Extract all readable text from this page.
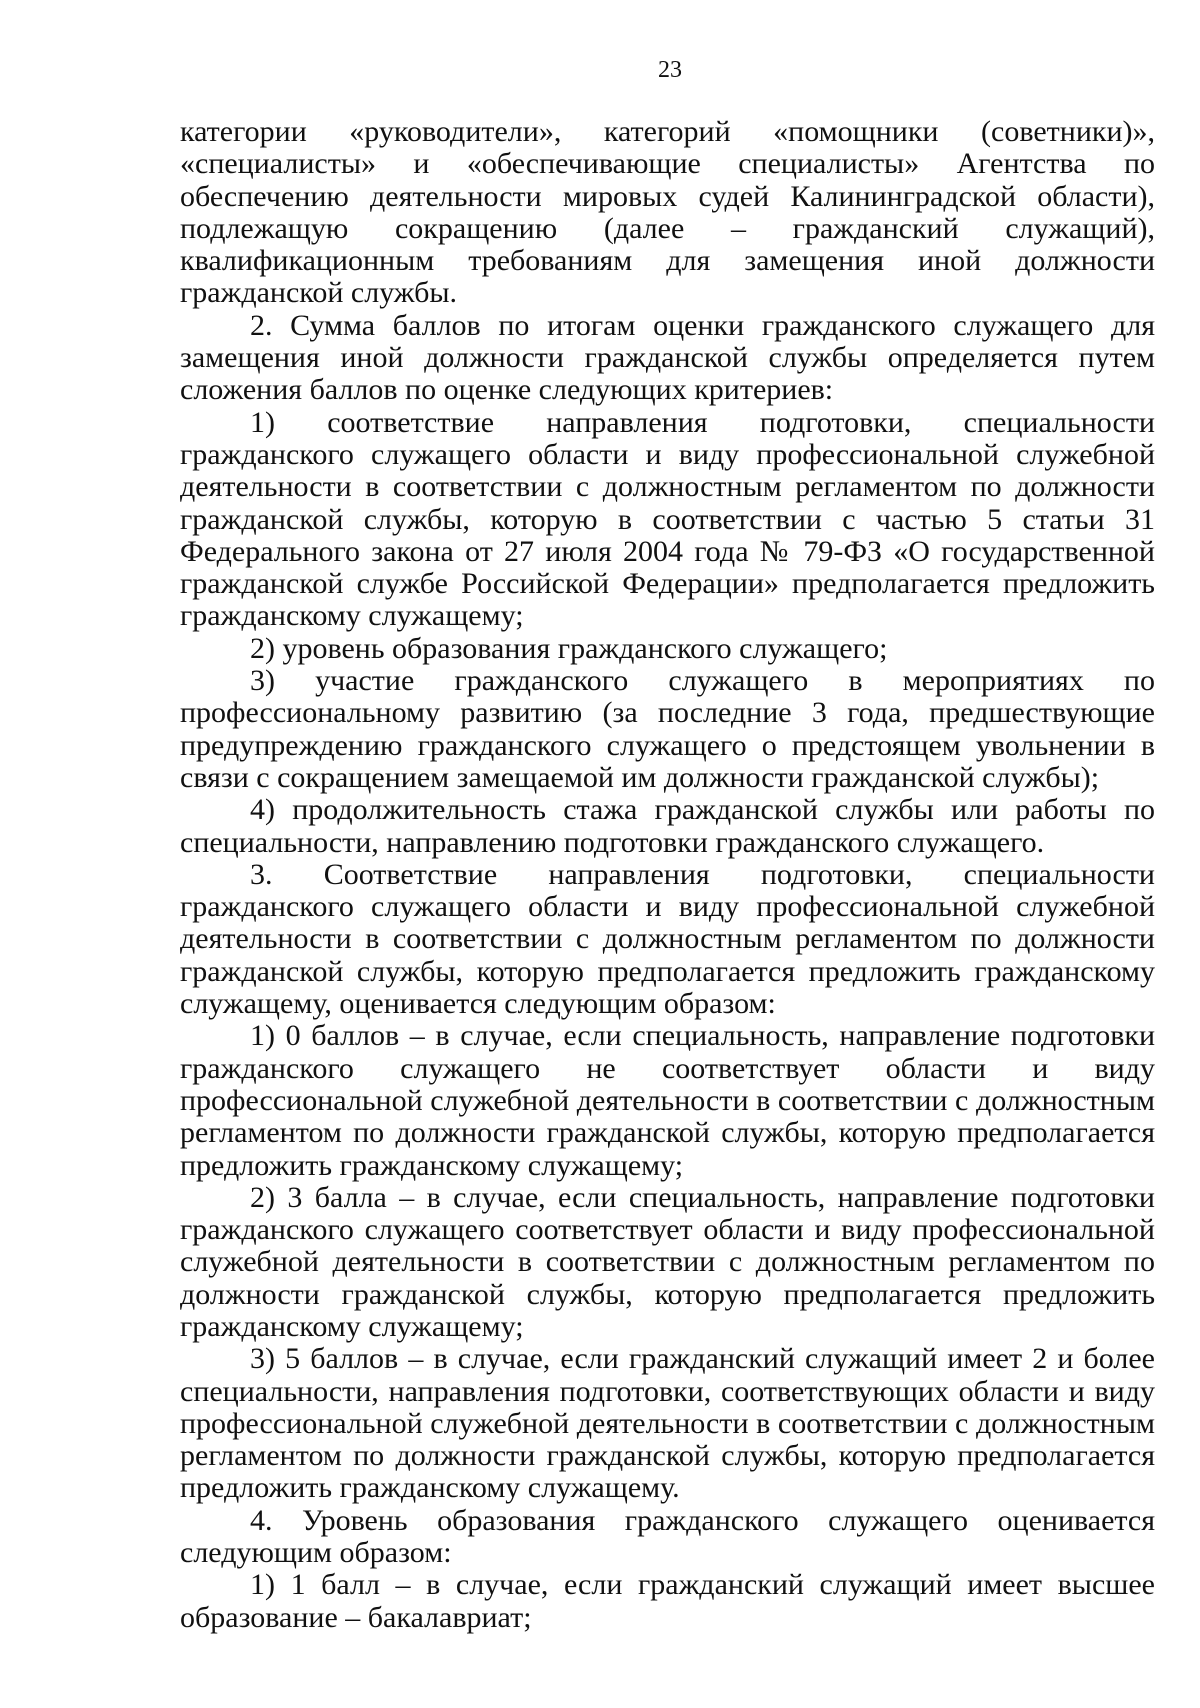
23

категории «руководители», категорий «помощники (советники)», «специалисты» и «обеспечивающие специалисты» Агентства по обеспечению деятельности мировых судей Калининградской области), подлежащую сокращению (далее – гражданский служащий), квалификационным требованиям для замещения иной должности гражданской службы.

2. Сумма баллов по итогам оценки гражданского служащего для замещения иной должности гражданской службы определяется путем сложения баллов по оценке следующих критериев:

1) соответствие направления подготовки, специальности гражданского служащего области и виду профессиональной служебной деятельности в соответствии с должностным регламентом по должности гражданской службы, которую в соответствии с частью 5 статьи 31 Федерального закона от 27 июля 2004 года № 79-ФЗ «О государственной гражданской службе Российской Федерации» предполагается предложить гражданскому служащему;

2) уровень образования гражданского служащего;

3) участие гражданского служащего в мероприятиях по профессиональному развитию (за последние 3 года, предшествующие предупреждению гражданского служащего о предстоящем увольнении в связи с сокращением замещаемой им должности гражданской службы);

4) продолжительность стажа гражданской службы или работы по специальности, направлению подготовки гражданского служащего.

3. Соответствие направления подготовки, специальности гражданского служащего области и виду профессиональной служебной деятельности в соответствии с должностным регламентом по должности гражданской службы, которую предполагается предложить гражданскому служащему, оценивается следующим образом:

1) 0 баллов – в случае, если специальность, направление подготовки гражданского служащего не соответствует области и виду профессиональной служебной деятельности в соответствии с должностным регламентом по должности гражданской службы, которую предполагается предложить гражданскому служащему;

2) 3 балла – в случае, если специальность, направление подготовки гражданского служащего соответствует области и виду профессиональной служебной деятельности в соответствии с должностным регламентом по должности гражданской службы, которую предполагается предложить гражданскому служащему;

3) 5 баллов – в случае, если гражданский служащий имеет 2 и более специальности, направления подготовки, соответствующих области и виду профессиональной служебной деятельности в соответствии с должностным регламентом по должности гражданской службы, которую предполагается предложить гражданскому служащему.

4. Уровень образования гражданского служащего оценивается следующим образом:

1) 1 балл – в случае, если гражданский служащий имеет высшее образование – бакалавриат;
